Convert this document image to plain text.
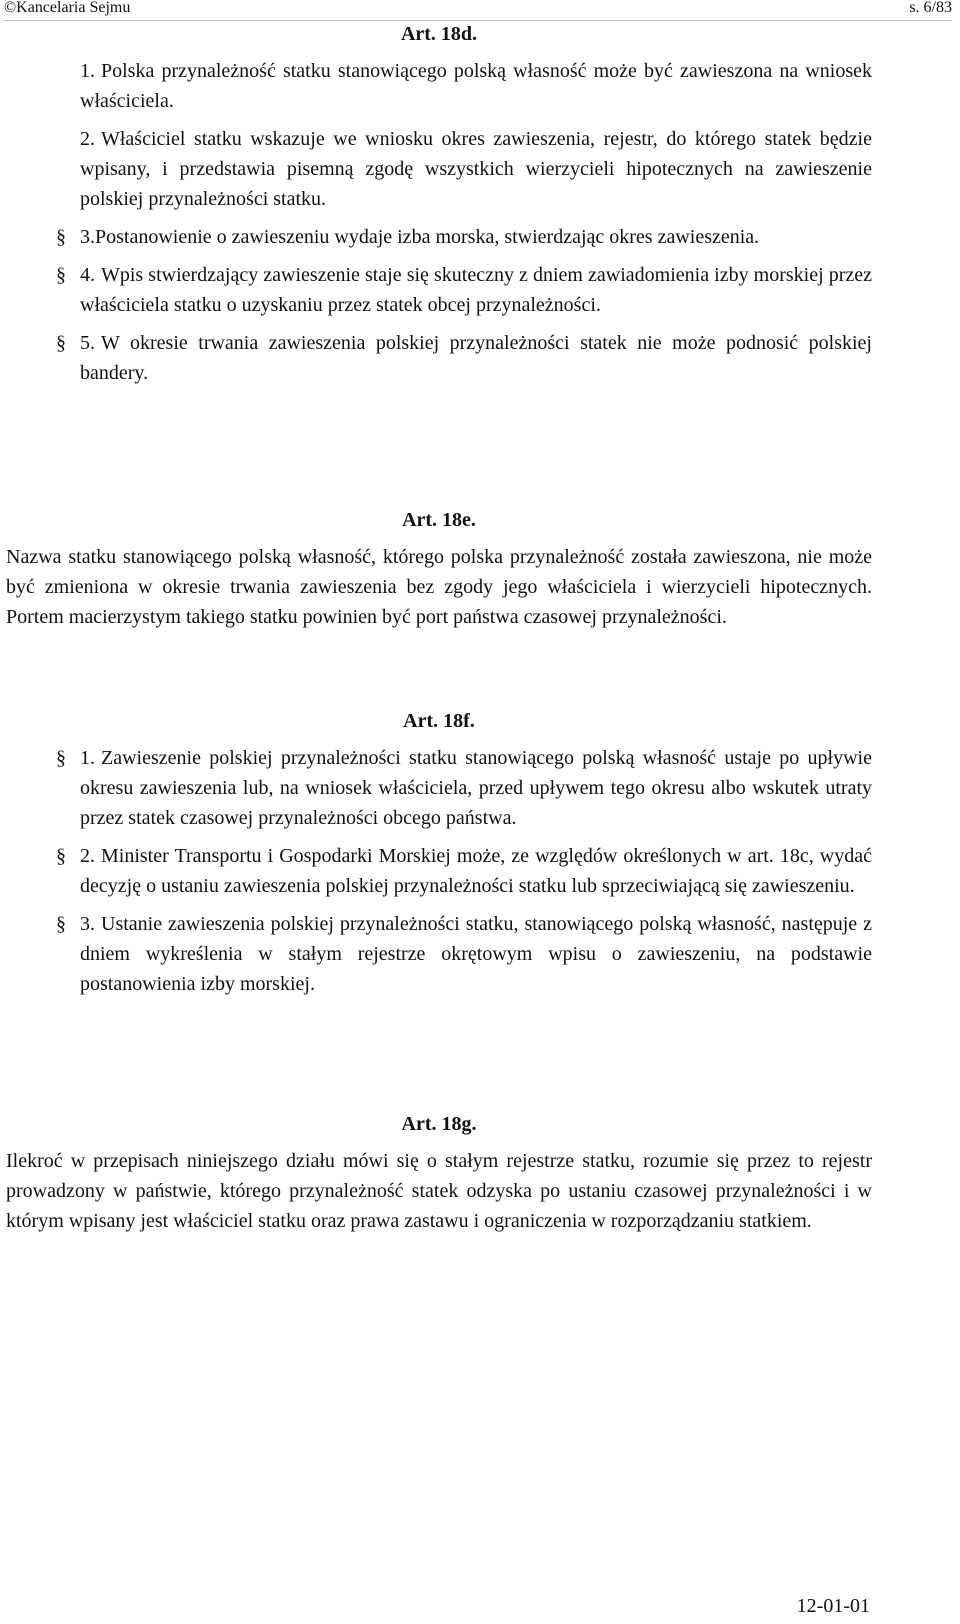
©Kancelaria Sejmu	s. 6/83
Art. 18d.
1. Polska przynależność statku stanowiącego polską własność może być zawieszona na wniosek właściciela.
2. Właściciel statku wskazuje we wniosku okres zawieszenia, rejestr, do którego statek będzie wpisany, i przedstawia pisemną zgodę wszystkich wierzycieli hipotecznych na zawieszenie polskiej przynależności statku.
§ 3.Postanowienie o zawieszeniu wydaje izba morska, stwierdzając okres zawieszenia.
§ 4. Wpis stwierdzający zawieszenie staje się skuteczny z dniem zawiadomienia izby morskiej przez właściciela statku o uzyskaniu przez statek obcej przynależności.
§ 5. W okresie trwania zawieszenia polskiej przynależności statek nie może podnosić polskiej bandery.
Art. 18e.

Nazwa statku stanowiącego polską własność, którego polska przynależność została zawieszona, nie może być zmieniona w okresie trwania zawieszenia bez zgody jego właściciela i wierzycieli hipotecznych. Portem macierzystym takiego statku powinien być port państwa czasowej przynależności.

Art. 18f.
§ 1. Zawieszenie polskiej przynależności statku stanowiącego polską własność ustaje po upływie okresu zawieszenia lub, na wniosek właściciela, przed upływem tego okresu albo wskutek utraty przez statek czasowej przynależności obcego państwa.
§ 2. Minister Transportu i Gospodarki Morskiej może, ze względów określonych w art. 18c, wydać decyzję o ustaniu zawieszenia polskiej przynależności statku lub sprzeciwiającą się zawieszeniu.
§ 3. Ustanie zawieszenia polskiej przynależności statku, stanowiącego polską własność, następuje z dniem wykreślenia w stałym rejestrze okrętowym wpisu o zawieszeniu, na podstawie postanowienia izby morskiej.
Art. 18g.

Ilekroć w przepisach niniejszego działu mówi się o stałym rejestrze statku, rozumie się przez to rejestr prowadzony w państwie, którego przynależność statek odzyska po ustaniu czasowej przynależności i w którym wpisany jest właściciel statku oraz prawa zastawu i ograniczenia w rozporządzaniu statkiem.

12-01-01
